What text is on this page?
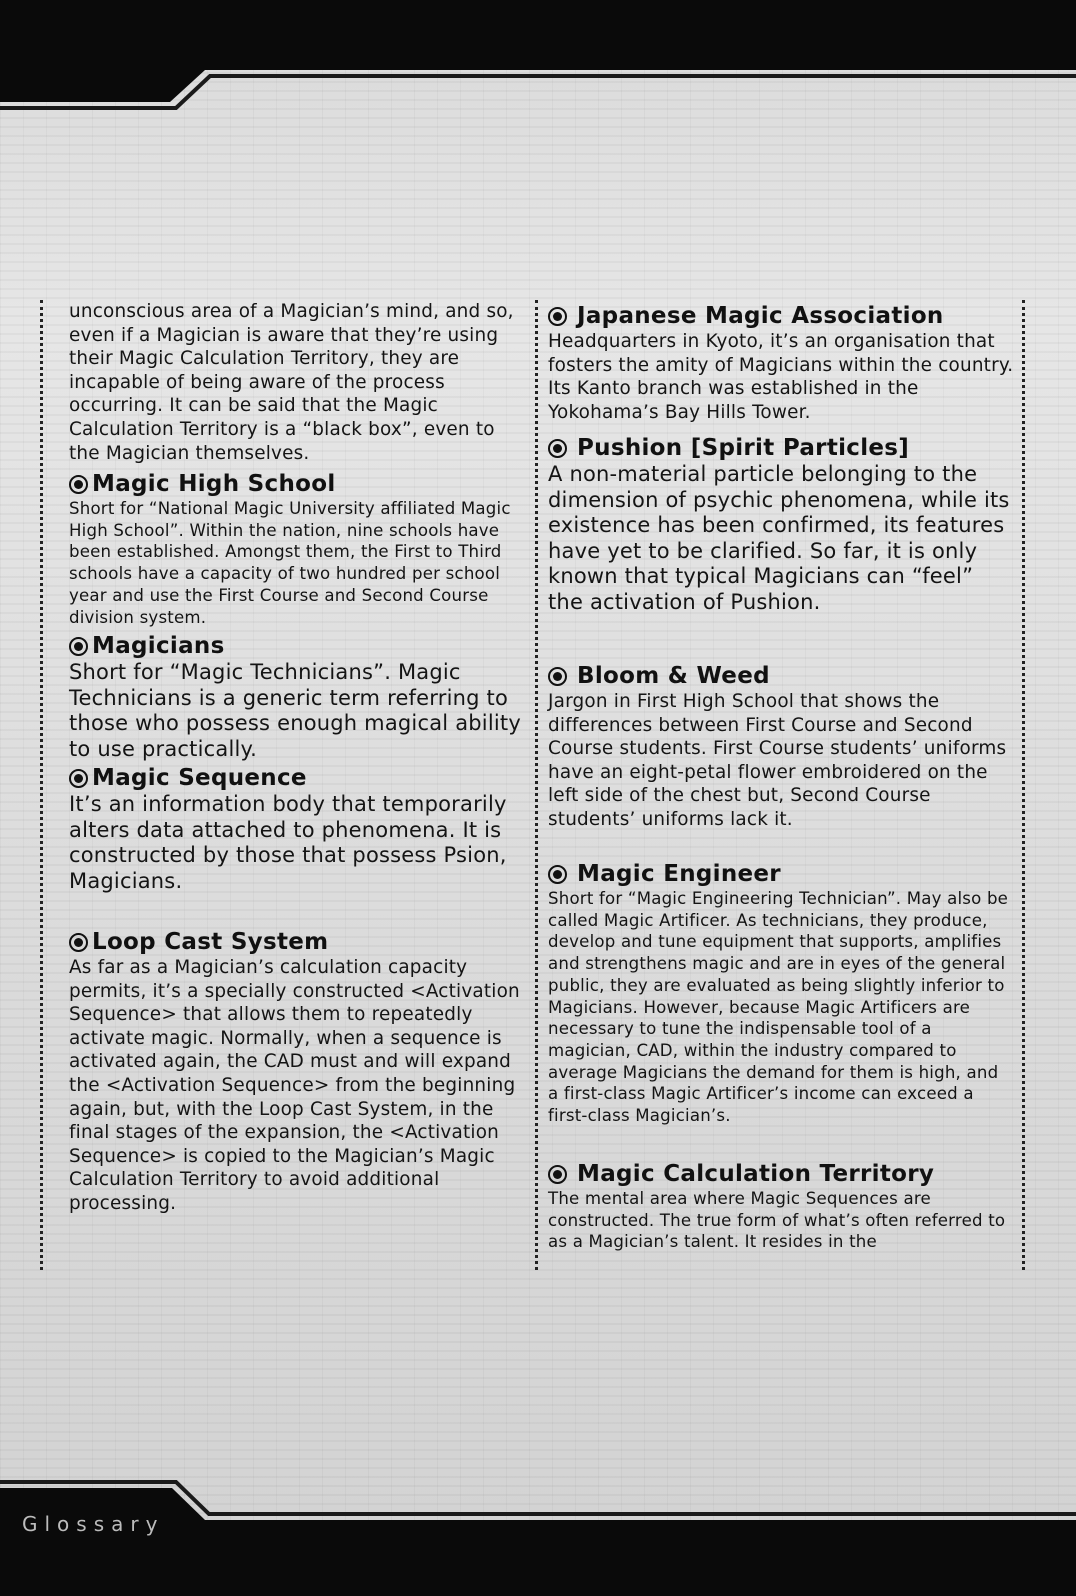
unconscious area of a Magician’s mind, and so, even if a Magician is aware that they’re using their Magic Calculation Territory, they are incapable of being aware of the process occurring. It can be said that the Magic Calculation Territory is a “black box”, even to the Magician themselves.

Magic High School

Short for “National Magic University affiliated Magic High School”. Within the nation, nine schools have been established. Amongst them, the First to Third schools have a capacity of two hundred per school year and use the First Course and Second Course division system.

Magicians

Short for “Magic Technicians”. Magic Technicians is a generic term referring to those who possess enough magical ability to use practically.

Magic Sequence

It’s an information body that temporarily alters data attached to phenomena. It is constructed by those that possess Psion, Magicians.

Loop Cast System

As far as a Magician’s calculation capacity permits, it’s a specially constructed <Activation Sequence> that allows them to repeatedly activate magic. Normally, when a sequence is activated again, the CAD must and will expand the <Activation Sequence> from the beginning again, but, with the Loop Cast System, in the final stages of the expansion, the <Activation Sequence> is copied to the Magician’s Magic Calculation Territory to avoid additional processing.

Japanese Magic Association

Headquarters in Kyoto, it’s an organisation that fosters the amity of Magicians within the country. Its Kanto branch was established in the Yokohama’s Bay Hills Tower.

Pushion [Spirit Particles]

A non-material particle belonging to the dimension of psychic phenomena, while its existence has been confirmed, its features have yet to be clarified. So far, it is only known that typical Magicians can “feel” the activation of Pushion.

Bloom & Weed

Jargon in First High School that shows the differences between First Course and Second Course students. First Course students’ uniforms have an eight-petal flower embroidered on the left side of the chest but, Second Course students’ uniforms lack it.

Magic Engineer

Short for “Magic Engineering Technician”. May also be called Magic Artificer. As technicians, they produce, develop and tune equipment that supports, amplifies and strengthens magic and are in eyes of the general public, they are evaluated as being slightly inferior to Magicians. However, because Magic Artificers are necessary to tune the indispensable tool of a magician, CAD, within the industry compared to average Magicians the demand for them is high, and a first-class Magic Artificer’s income can exceed a first-class Magician’s.

Magic Calculation Territory

The mental area where Magic Sequences are constructed. The true form of what’s often referred to as a Magician’s talent. It resides in the

Glossary
